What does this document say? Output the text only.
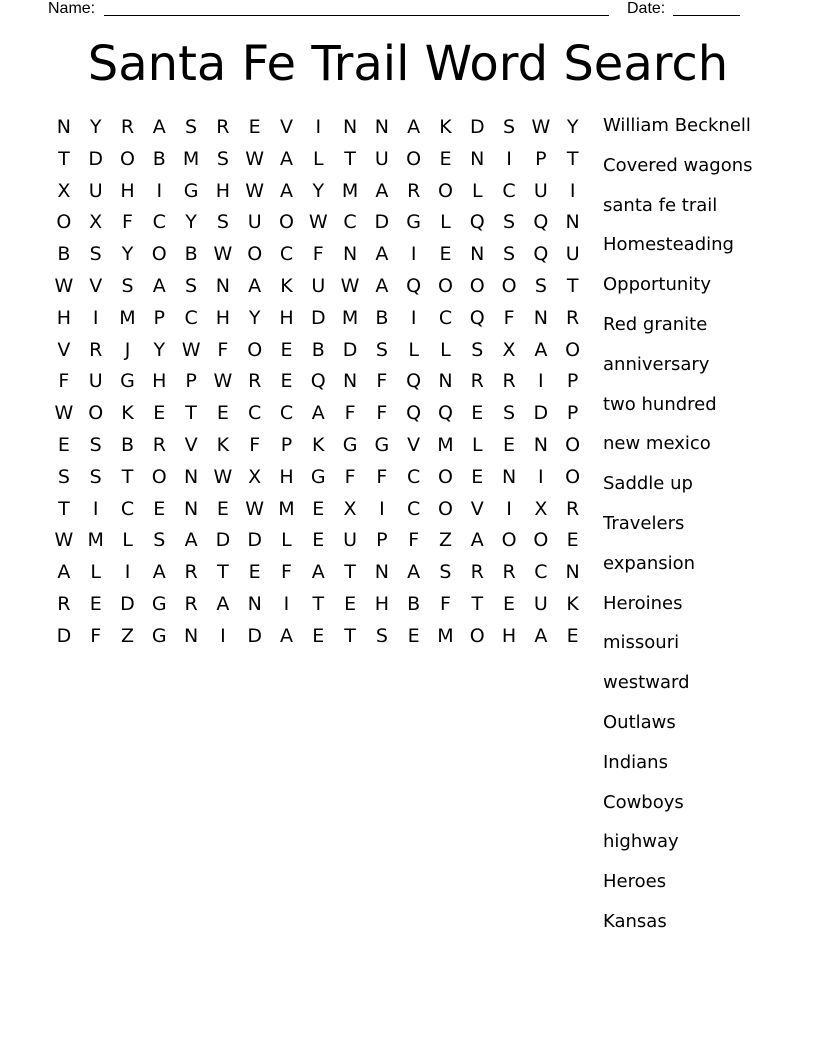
Name:	Date:
Santa Fe Trail Word Search
N Y	R A	S	R	E	V	I	N N A	K D S W Y
T D O B M S W A	L	T	U O E N	I	P	T
X U H	I	G H W A	Y M A R O	L	C U	I
O X	F	C	Y	S U O W C D G	L	Q S Q N
B	S	Y O B W O C	F	N A	I	E N S Q U
W V	S	A	S N A	K U W A Q O O O S	T
H	I	M P	C H Y H D M B	I	C Q F	N R
V R	J	Y W F O E	B D S	L	L	S	X A O
F	U G H P W R	E Q N	F Q N R R	I	P
W O K	E	T	E	C C A	F	F Q Q E	S D P
E	S	B R V	K	F	P	K G G V M L	E N O
S	S	T O N W X H G F	F	C O E N	I	O
T	I	C	E N E W M E	X	I	C O V	I	X R
W M L	S	A D D	L	E U	P	F	Z A O O E
A	L	I	A R	T	E	F	A	T N A	S	R R C N
R	E D G R A N	I	T	E H B	F	T	E U K
D	F	Z G N	I	D A	E	T	S	E M O H A	E
William Becknell
Covered wagons
santa fe trail
Homesteading
Opportunity
Red granite
anniversary
two hundred
new mexico
Saddle up
Travelers
expansion
Heroines
missouri
westward
Outlaws
Indians
Cowboys
highway
Heroes
Kansas
